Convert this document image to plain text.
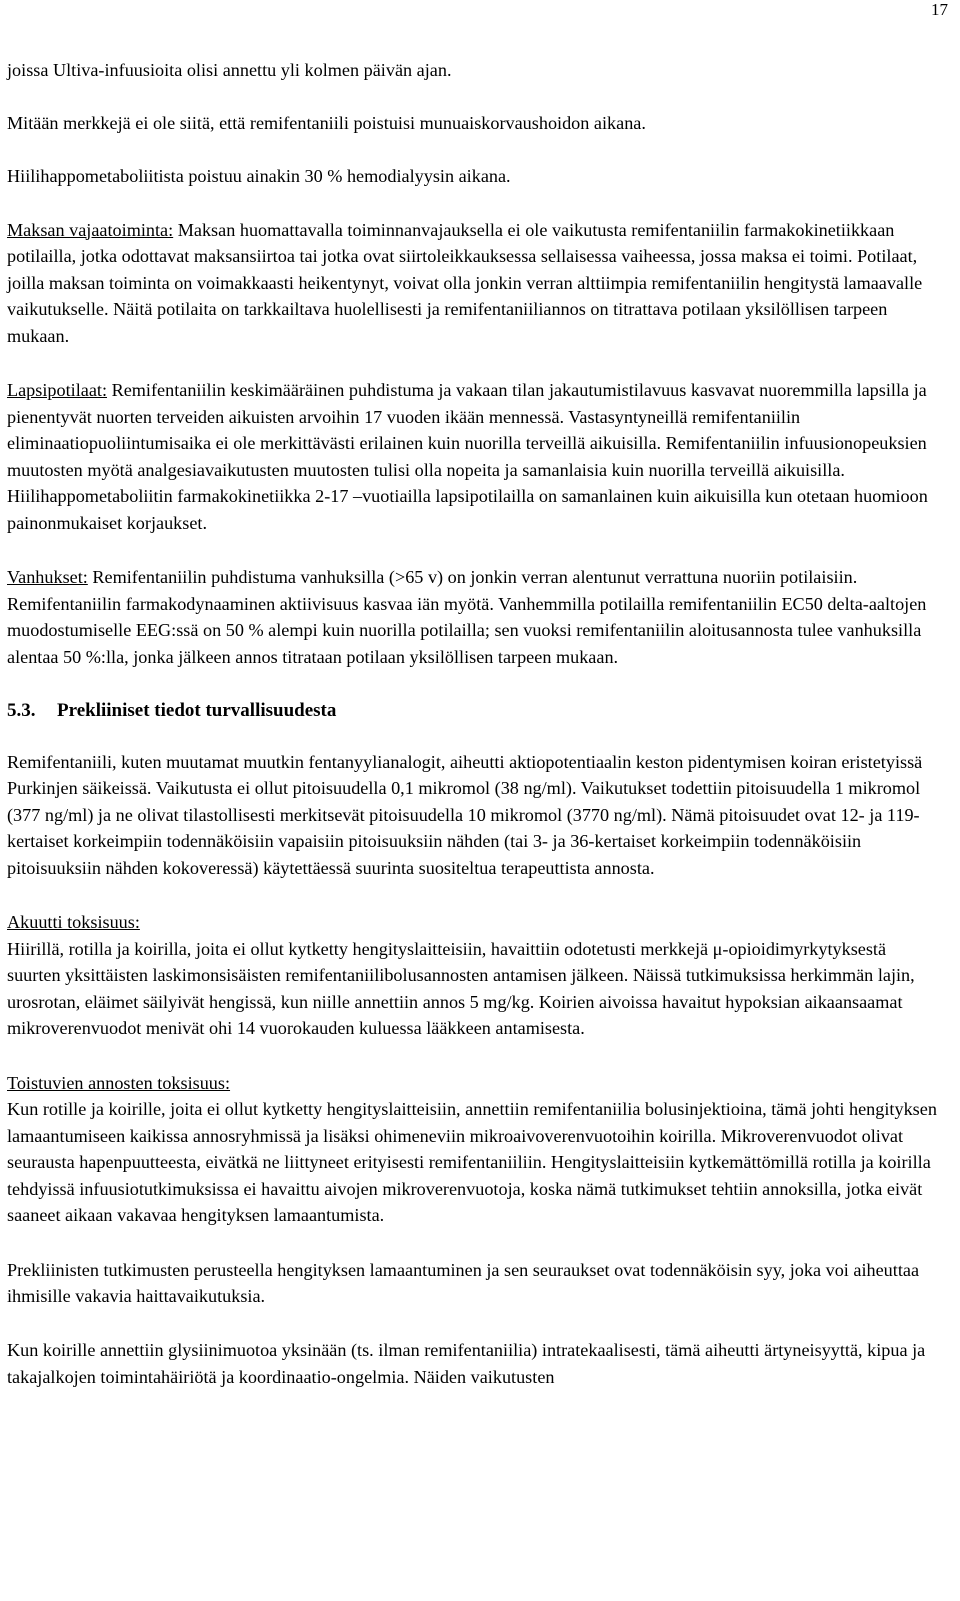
17

joissa Ultiva-infuusioita olisi annettu yli kolmen päivän ajan.

Mitään merkkejä ei ole siitä, että remifentaniili poistuisi munuaiskorvaushoidon aikana.

Hiilihappometaboliitista poistuu ainakin 30 % hemodialyysin aikana.

Maksan vajaatoiminta: Maksan huomattavalla toiminnanvajauksella ei ole vaikutusta remifentaniilin farmakokinetiikkaan potilailla, jotka odottavat maksansiirtoa tai jotka ovat siirtoleikkauksessa sellaisessa vaiheessa, jossa maksa ei toimi. Potilaat, joilla maksan toiminta on voimakkaasti heikentynyt, voivat olla jonkin verran alttiimpia remifentaniilin hengitystä lamaavalle vaikutukselle. Näitä potilaita on tarkkailtava huolellisesti ja remifentaniiliannos on titrattava potilaan yksilöllisen tarpeen mukaan.

Lapsipotilaat: Remifentaniilin keskimääräinen puhdistuma ja vakaan tilan jakautumistilavuus kasvavat nuoremmilla lapsilla ja pienentyvät nuorten terveiden aikuisten arvoihin 17 vuoden ikään mennessä. Vastasyntyneillä remifentaniilin eliminaatiopuoliintumisaika ei ole merkittävästi erilainen kuin nuorilla terveillä aikuisilla. Remifentaniilin infuusionopeuksien muutosten myötä analgesiavaikutusten muutosten tulisi olla nopeita ja samanlaisia kuin nuorilla terveillä aikuisilla. Hiilihappometaboliitin farmakokinetiikka 2-17 –vuotiailla lapsipotilailla on samanlainen kuin aikuisilla kun otetaan huomioon painonmukaiset korjaukset.

Vanhukset: Remifentaniilin puhdistuma vanhuksilla (>65 v) on jonkin verran alentunut verrattuna nuoriin potilaisiin. Remifentaniilin farmakodynaaminen aktiivisuus kasvaa iän myötä. Vanhemmilla potilailla remifentaniilin EC50 delta-aaltojen muodostumiselle EEG:ssä on 50 % alempi kuin nuorilla potilailla; sen vuoksi remifentaniilin aloitusannosta tulee vanhuksilla alentaa 50 %:lla, jonka jälkeen annos titrataan potilaan yksilöllisen tarpeen mukaan.

5.3. Prekliiniset tiedot turvallisuudesta

Remifentaniili, kuten muutamat muutkin fentanyylianalogit, aiheutti aktiopotentiaalin keston pidentymisen koiran eristetyissä Purkinjen säikeissä. Vaikutusta ei ollut pitoisuudella 0,1 mikromol (38 ng/ml). Vaikutukset todettiin pitoisuudella 1 mikromol (377 ng/ml) ja ne olivat tilastollisesti merkitsevät pitoisuudella 10 mikromol (3770 ng/ml). Nämä pitoisuudet ovat 12- ja 119-kertaiset korkeimpiin todennäköisiin vapaisiin pitoisuuksiin nähden (tai 3- ja 36-kertaiset korkeimpiin todennäköisiin pitoisuuksiin nähden kokoveressä) käytettäessä suurinta suositeltua terapeuttista annosta.

Akuutti toksisuus:
Hiirillä, rotilla ja koirilla, joita ei ollut kytketty hengityslaitteisiin, havaittiin odotetusti merkkejä μ-opioidimyrkytyksestä suurten yksittäisten laskimonsisäisten remifentaniilibolusannosten antamisen jälkeen. Näissä tutkimuksissa herkimmän lajin, urosrotan, eläimet säilyivät hengissä, kun niille annettiin annos 5 mg/kg. Koirien aivoissa havaitut hypoksian aikaansaamat mikroverenvuodot menivät ohi 14 vuorokauden kuluessa lääkkeen antamisesta.

Toistuvien annosten toksisuus:
Kun rotille ja koirille, joita ei ollut kytketty hengityslaitteisiin, annettiin remifentaniilia bolusinjektioina, tämä johti hengityksen lamaantumiseen kaikissa annosryhmissä ja lisäksi ohimeneviin mikroaivoverenvuotoihin koirilla. Mikroverenvuodot olivat seurausta hapenpuutteesta, eivätkä ne liittyneet erityisesti remifentaniiliin. Hengityslaitteisiin kytkemättömillä rotilla ja koirilla tehdyissä infuusiotutkimuksissa ei havaittu aivojen mikroverenvuotoja, koska nämä tutkimukset tehtiin annoksilla, jotka eivät saaneet aikaan vakavaa hengityksen lamaantumista.

Prekliinisten tutkimusten perusteella hengityksen lamaantuminen ja sen seuraukset ovat todennäköisin syy, joka voi aiheuttaa ihmisille vakavia haittavaikutuksia.

Kun koirille annettiin glysiinimuotoa yksinään (ts. ilman remifentaniilia) intratekaalisesti, tämä aiheutti ärtyneisyyttä, kipua ja takajalkojen toimintahäiriötä ja koordinaatio-ongelmia. Näiden vaikutusten
